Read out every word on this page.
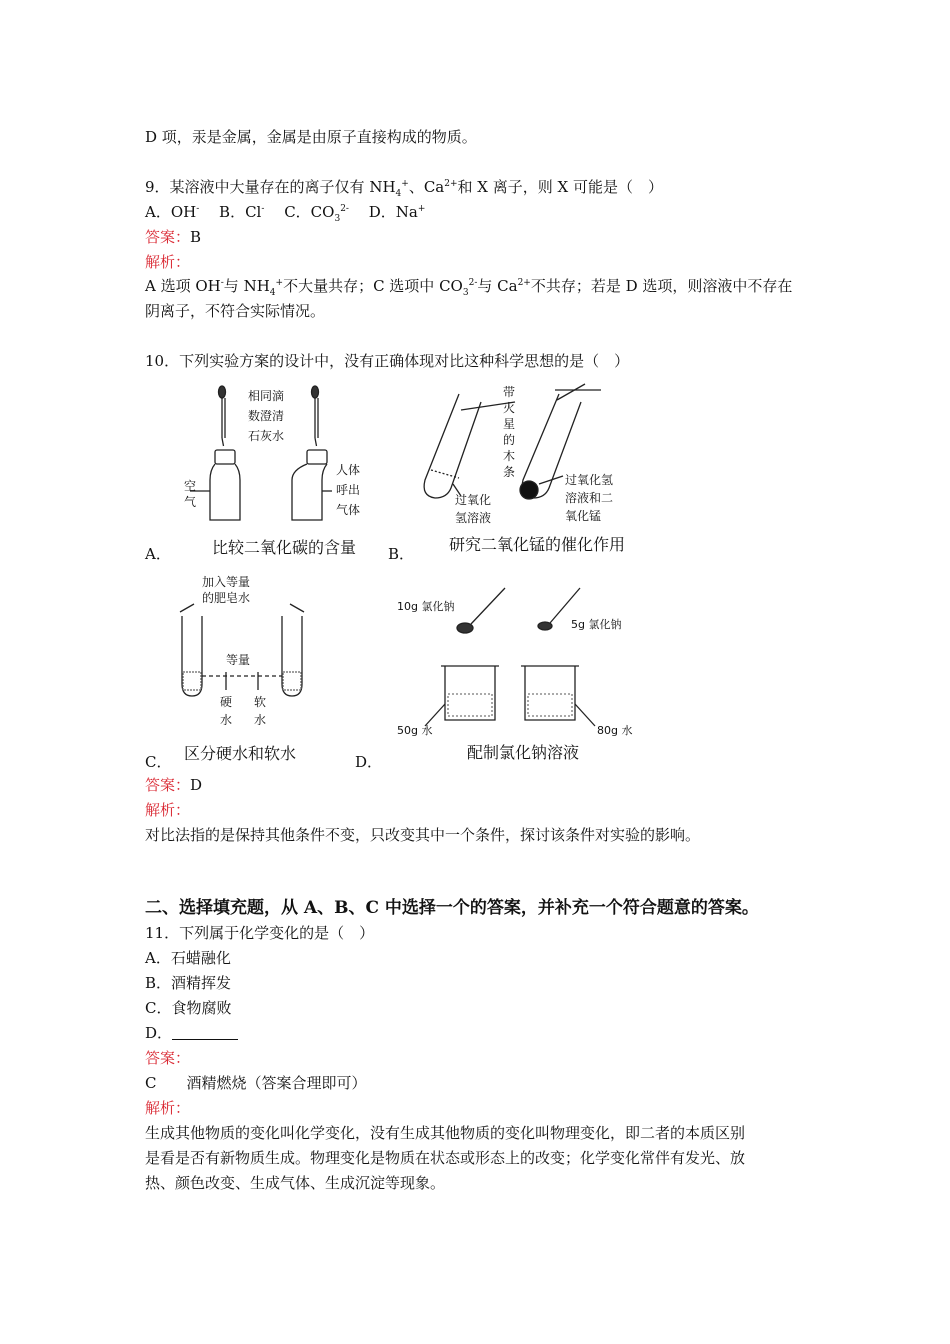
D 项，汞是金属，金属是由原子直接构成的物质。
9．某溶液中大量存在的离子仅有 $NH_4^+$、$Ca^{2+}$和 X 离子，则 X 可能是（　）
A．OH-　 B．Cl-　 C．$CO_3^{2-}$　 D．Na+
答案：B
解析：
A 选项 OH-与 $NH_4^+$不大量共存；C 选项中 $CO_3^{2-}$与 $Ca^{2+}$不共存；若是 D 选项，则溶液中不存在
阴离子，不符合实际情况。
10．下列实验方案的设计中，没有正确体现对比这种科学思想的是（　）
A．	B．
C．	D．
相同滴
数澄清
石灰水
空
气
人体
呼出
气体
比较二氧化碳的含量
带
火
星
的
木
条
过氧化
氢溶液
过氧化氢
溶液和二
氧化锰
研究二氧化锰的催化作用
加入等量
的肥皂水
等量
硬
水
软
水
区分硬水和软水
10g 氯化钠
5g 氯化钠
50g 水	80g 水
配制氯化钠溶液
答案：D
解析：
对比法指的是保持其他条件不变，只改变其中一个条件，探讨该条件对实验的影响。
二、选择填充题，从 A、B、C 中选择一个的答案，并补充一个符合题意的答案。
11．下列属于化学变化的是（　）
A．石蜡融化
B．酒精挥发
C．食物腐败
D．
答案：
C　　酒精燃烧（答案合理即可）
解析：
生成其他物质的变化叫化学变化，没有生成其他物质的变化叫物理变化，即二者的本质区别
是看是否有新物质生成。物理变化是物质在状态或形态上的改变；化学变化常伴有发光、放
热、颜色改变、生成气体、生成沉淀等现象。
